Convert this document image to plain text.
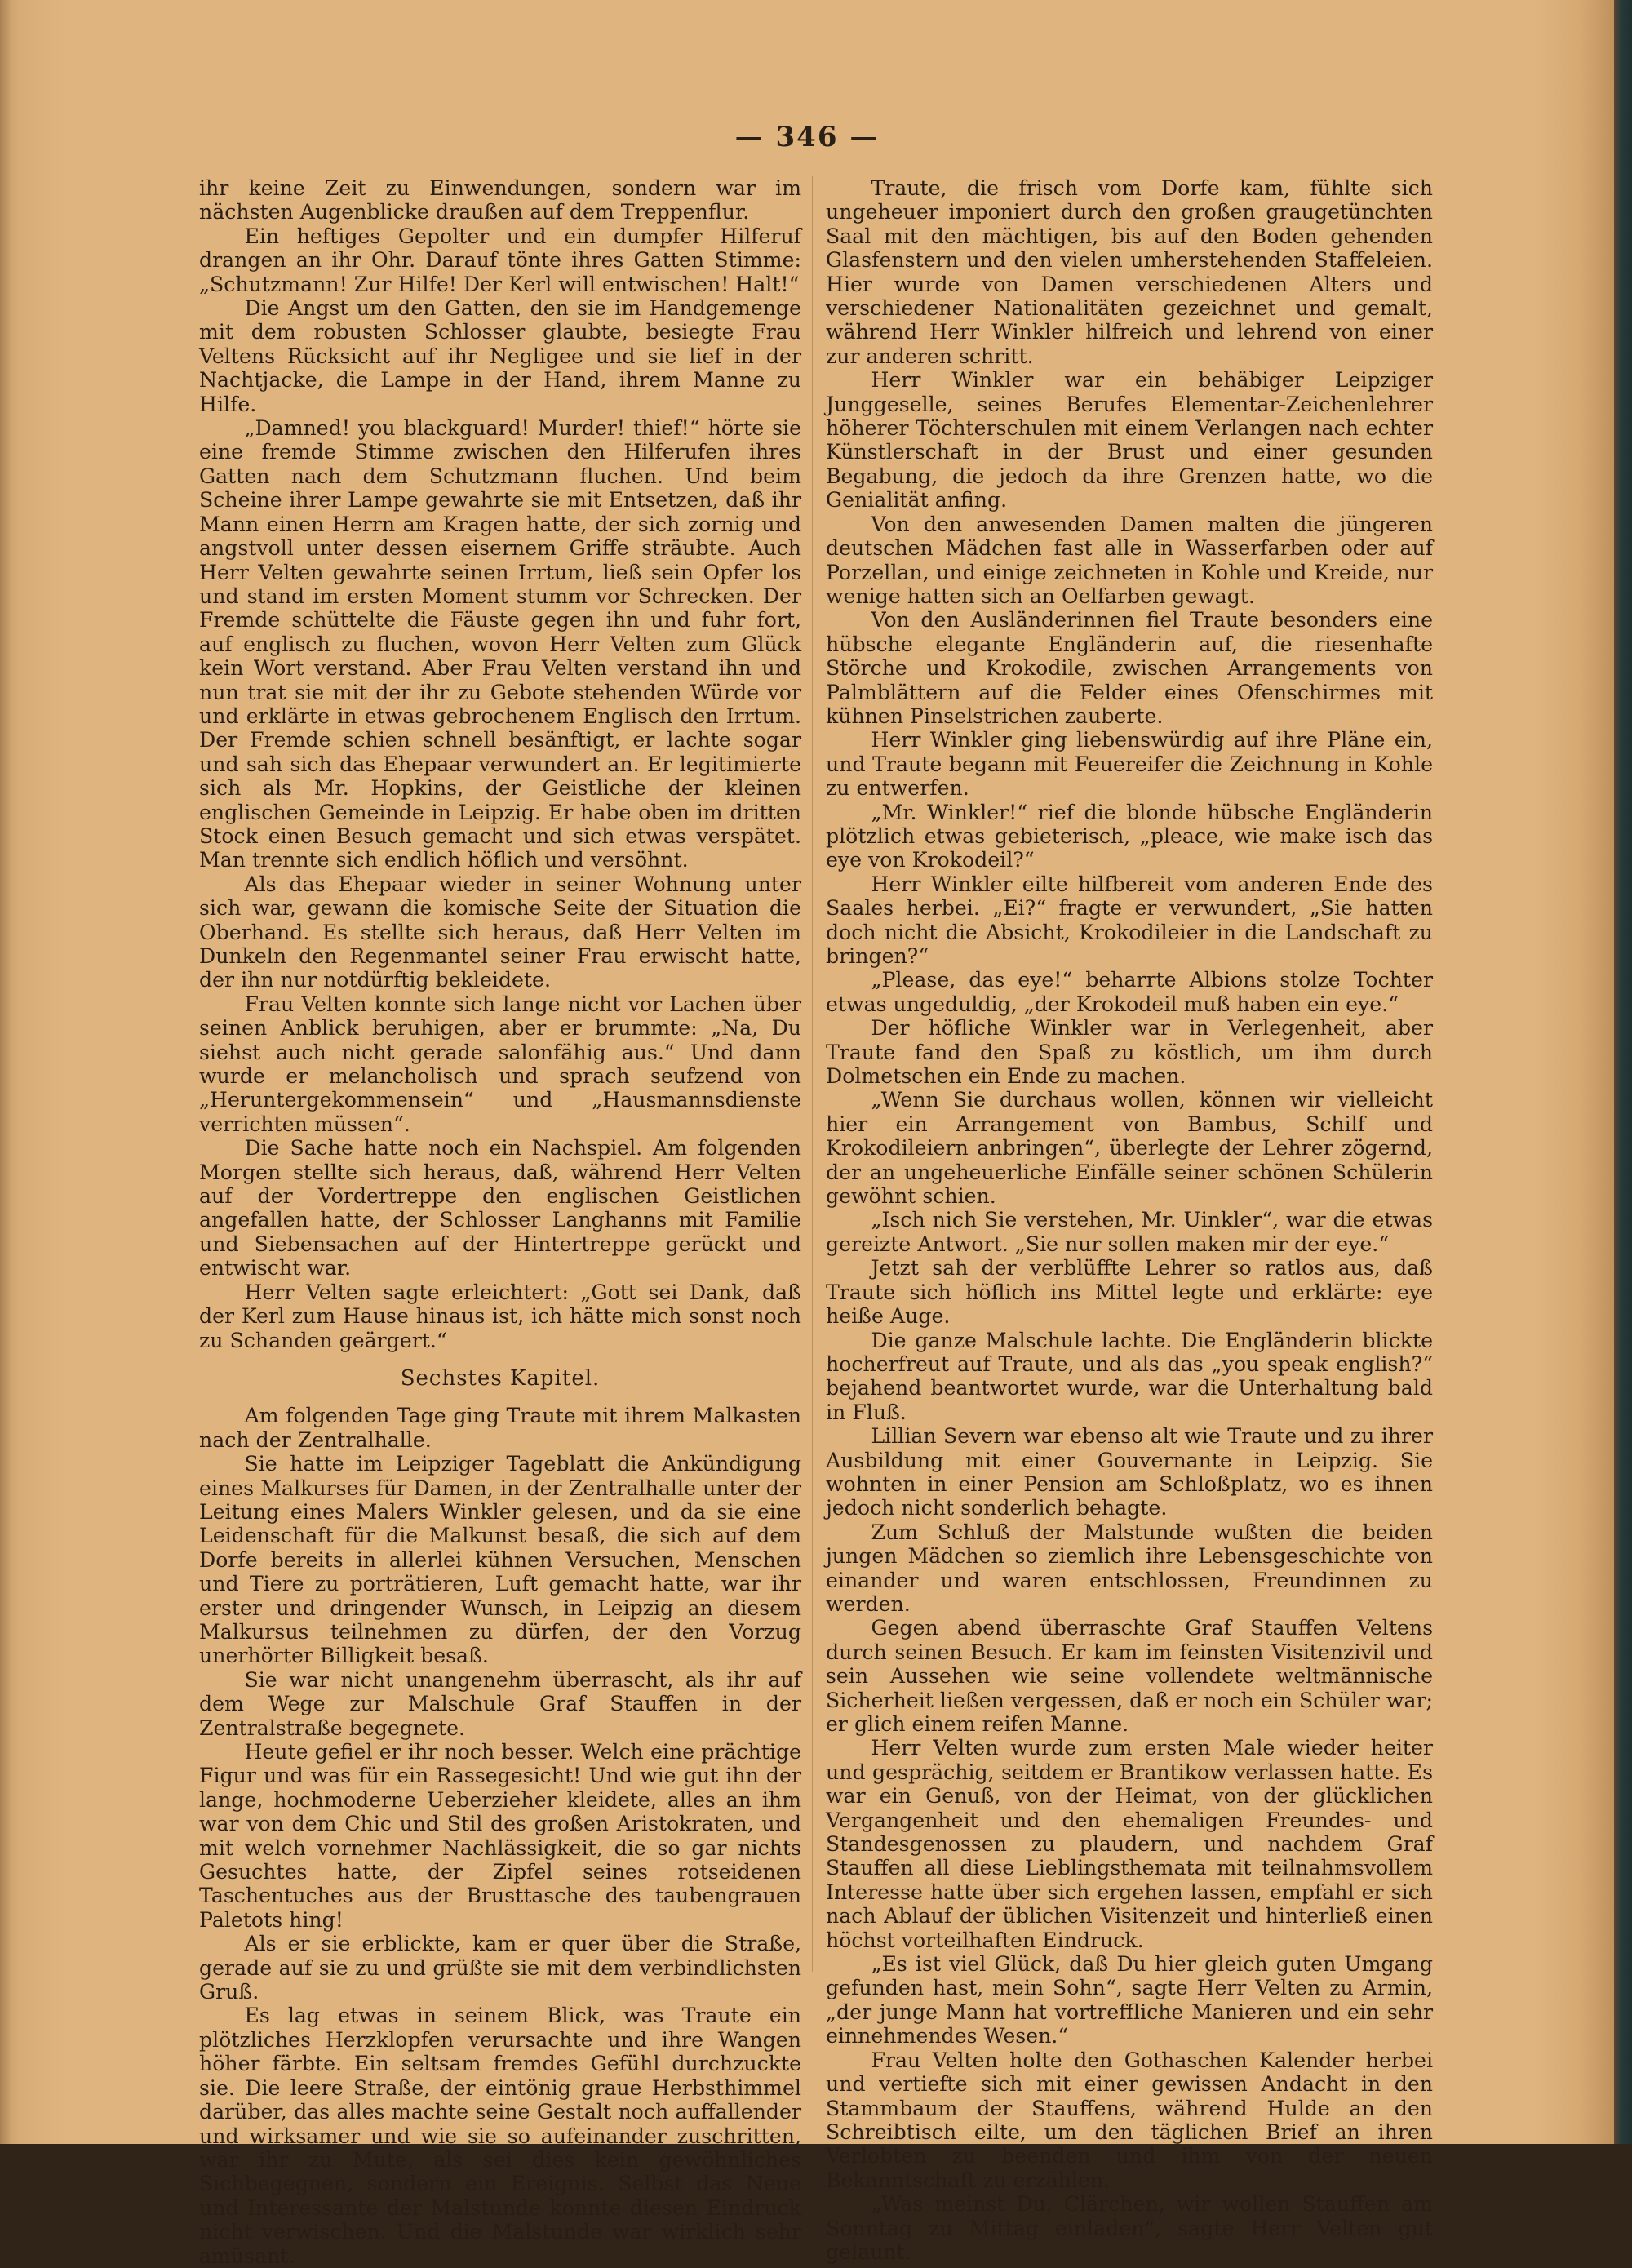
— 346 —

ihr keine Zeit zu Einwendungen, sondern war im nächsten Augenblicke draußen auf dem Treppenflur.

Ein heftiges Gepolter und ein dumpfer Hilferuf drangen an ihr Ohr. Darauf tönte ihres Gatten Stimme: „Schutzmann! Zur Hilfe! Der Kerl will entwischen! Halt!“

Die Angst um den Gatten, den sie im Handgemenge mit dem robusten Schlosser glaubte, besiegte Frau Veltens Rücksicht auf ihr Negligee und sie lief in der Nachtjacke, die Lampe in der Hand, ihrem Manne zu Hilfe.

„Damned! you blackguard! Murder! thief!“ hörte sie eine fremde Stimme zwischen den Hilferufen ihres Gatten nach dem Schutzmann fluchen. Und beim Scheine ihrer Lampe gewahrte sie mit Entsetzen, daß ihr Mann einen Herrn am Kragen hatte, der sich zornig und angstvoll unter dessen eisernem Griffe sträubte. Auch Herr Velten gewahrte seinen Irrtum, ließ sein Opfer los und stand im ersten Moment stumm vor Schrecken. Der Fremde schüttelte die Fäuste gegen ihn und fuhr fort, auf englisch zu fluchen, wovon Herr Velten zum Glück kein Wort verstand. Aber Frau Velten verstand ihn und nun trat sie mit der ihr zu Gebote stehenden Würde vor und erklärte in etwas gebrochenem Englisch den Irrtum. Der Fremde schien schnell besänftigt, er lachte sogar und sah sich das Ehepaar verwundert an. Er legitimierte sich als Mr. Hopkins, der Geistliche der kleinen englischen Gemeinde in Leipzig. Er habe oben im dritten Stock einen Besuch gemacht und sich etwas verspätet. Man trennte sich endlich höflich und versöhnt.

Als das Ehepaar wieder in seiner Wohnung unter sich war, gewann die komische Seite der Situation die Oberhand. Es stellte sich heraus, daß Herr Velten im Dunkeln den Regenmantel seiner Frau erwischt hatte, der ihn nur notdürftig bekleidete.

Frau Velten konnte sich lange nicht vor Lachen über seinen Anblick beruhigen, aber er brummte: „Na, Du siehst auch nicht gerade salonfähig aus.“ Und dann wurde er melancholisch und sprach seufzend von „Heruntergekommensein“ und „Hausmannsdienste verrichten müssen“.

Die Sache hatte noch ein Nachspiel. Am folgenden Morgen stellte sich heraus, daß, während Herr Velten auf der Vordertreppe den englischen Geistlichen angefallen hatte, der Schlosser Langhanns mit Familie und Siebensachen auf der Hintertreppe gerückt und entwischt war.

Herr Velten sagte erleichtert: „Gott sei Dank, daß der Kerl zum Hause hinaus ist, ich hätte mich sonst noch zu Schanden geärgert.“

Sechstes Kapitel.

Am folgenden Tage ging Traute mit ihrem Malkasten nach der Zentralhalle.

Sie hatte im Leipziger Tageblatt die Ankündigung eines Malkurses für Damen, in der Zentralhalle unter der Leitung eines Malers Winkler gelesen, und da sie eine Leidenschaft für die Malkunst besaß, die sich auf dem Dorfe bereits in allerlei kühnen Versuchen, Menschen und Tiere zu porträtieren, Luft gemacht hatte, war ihr erster und dringender Wunsch, in Leipzig an diesem Malkursus teilnehmen zu dürfen, der den Vorzug unerhörter Billigkeit besaß.

Sie war nicht unangenehm überrascht, als ihr auf dem Wege zur Malschule Graf Stauffen in der Zentralstraße begegnete.

Heute gefiel er ihr noch besser. Welch eine prächtige Figur und was für ein Rassegesicht! Und wie gut ihn der lange, hochmoderne Ueberzieher kleidete, alles an ihm war von dem Chic und Stil des großen Aristokraten, und mit welch vornehmer Nachlässigkeit, die so gar nichts Gesuchtes hatte, der Zipfel seines rotseidenen Taschentuches aus der Brusttasche des taubengrauen Paletots hing!

Als er sie erblickte, kam er quer über die Straße, gerade auf sie zu und grüßte sie mit dem verbindlichsten Gruß.

Es lag etwas in seinem Blick, was Traute ein plötzliches Herzklopfen verursachte und ihre Wangen höher färbte. Ein seltsam fremdes Gefühl durchzuckte sie. Die leere Straße, der eintönig graue Herbsthimmel darüber, das alles machte seine Gestalt noch auffallender und wirksamer und wie sie so aufeinander zuschritten, war ihr zu Mute, als sei dies kein gewöhnliches Sichbegegnen, sondern ein Ereignis. Selbst das Neue und Interessante der Malstunde konnte diesen Eindruck nicht verwischen. Und die Malstunde war wirklich sehr amüsant.

Traute, die frisch vom Dorfe kam, fühlte sich ungeheuer imponiert durch den großen graugetünchten Saal mit den mächtigen, bis auf den Boden gehenden Glasfenstern und den vielen umherstehenden Staffeleien. Hier wurde von Damen verschiedenen Alters und verschiedener Nationalitäten gezeichnet und gemalt, während Herr Winkler hilfreich und lehrend von einer zur anderen schritt.

Herr Winkler war ein behäbiger Leipziger Junggeselle, seines Berufes Elementar-Zeichenlehrer höherer Töchterschulen mit einem Verlangen nach echter Künstlerschaft in der Brust und einer gesunden Begabung, die jedoch da ihre Grenzen hatte, wo die Genialität anfing.

Von den anwesenden Damen malten die jüngeren deutschen Mädchen fast alle in Wasserfarben oder auf Porzellan, und einige zeichneten in Kohle und Kreide, nur wenige hatten sich an Oelfarben gewagt.

Von den Ausländerinnen fiel Traute besonders eine hübsche elegante Engländerin auf, die riesenhafte Störche und Krokodile, zwischen Arrangements von Palmblättern auf die Felder eines Ofenschirmes mit kühnen Pinselstrichen zauberte.

Herr Winkler ging liebenswürdig auf ihre Pläne ein, und Traute begann mit Feuereifer die Zeichnung in Kohle zu entwerfen.

„Mr. Winkler!“ rief die blonde hübsche Engländerin plötzlich etwas gebieterisch, „pleace, wie make isch das eye von Krokodeil?“

Herr Winkler eilte hilfbereit vom anderen Ende des Saales herbei. „Ei?“ fragte er verwundert, „Sie hatten doch nicht die Absicht, Krokodileier in die Landschaft zu bringen?“

„Please, das eye!“ beharrte Albions stolze Tochter etwas ungeduldig, „der Krokodeil muß haben ein eye.“

Der höfliche Winkler war in Verlegenheit, aber Traute fand den Spaß zu köstlich, um ihm durch Dolmetschen ein Ende zu machen.

„Wenn Sie durchaus wollen, können wir vielleicht hier ein Arrangement von Bambus, Schilf und Krokodileiern anbringen“, überlegte der Lehrer zögernd, der an ungeheuerliche Einfälle seiner schönen Schülerin gewöhnt schien.

„Isch nich Sie verstehen, Mr. Uinkler“, war die etwas gereizte Antwort. „Sie nur sollen maken mir der eye.“

Jetzt sah der verblüffte Lehrer so ratlos aus, daß Traute sich höflich ins Mittel legte und erklärte: eye heiße Auge.

Die ganze Malschule lachte. Die Engländerin blickte hocherfreut auf Traute, und als das „you speak english?“ bejahend beantwortet wurde, war die Unterhaltung bald in Fluß.

Lillian Severn war ebenso alt wie Traute und zu ihrer Ausbildung mit einer Gouvernante in Leipzig. Sie wohnten in einer Pension am Schloßplatz, wo es ihnen jedoch nicht sonderlich behagte.

Zum Schluß der Malstunde wußten die beiden jungen Mädchen so ziemlich ihre Lebensgeschichte von einander und waren entschlossen, Freundinnen zu werden.

Gegen abend überraschte Graf Stauffen Veltens durch seinen Besuch. Er kam im feinsten Visitenzivil und sein Aussehen wie seine vollendete weltmännische Sicherheit ließen vergessen, daß er noch ein Schüler war; er glich einem reifen Manne.

Herr Velten wurde zum ersten Male wieder heiter und gesprächig, seitdem er Brantikow verlassen hatte. Es war ein Genuß, von der Heimat, von der glücklichen Vergangenheit und den ehemaligen Freundes- und Standesgenossen zu plaudern, und nachdem Graf Stauffen all diese Lieblingsthemata mit teilnahmsvollem Interesse hatte über sich ergehen lassen, empfahl er sich nach Ablauf der üblichen Visitenzeit und hinterließ einen höchst vorteilhaften Eindruck.

„Es ist viel Glück, daß Du hier gleich guten Umgang gefunden hast, mein Sohn“, sagte Herr Velten zu Armin, „der junge Mann hat vortreffliche Manieren und ein sehr einnehmendes Wesen.“

Frau Velten holte den Gothaschen Kalender herbei und vertiefte sich mit einer gewissen Andacht in den Stammbaum der Stauffens, während Hulde an den Schreibtisch eilte, um den täglichen Brief an ihren Verlobten zu beenden und ihm von der neuen Bekanntschaft zu erzählen.

„Was meinst Du, Clärchen, wir wollen Stauffen am Sonntag zu Mittag einladen“, sagte Herr Velten gut gelaunt.
